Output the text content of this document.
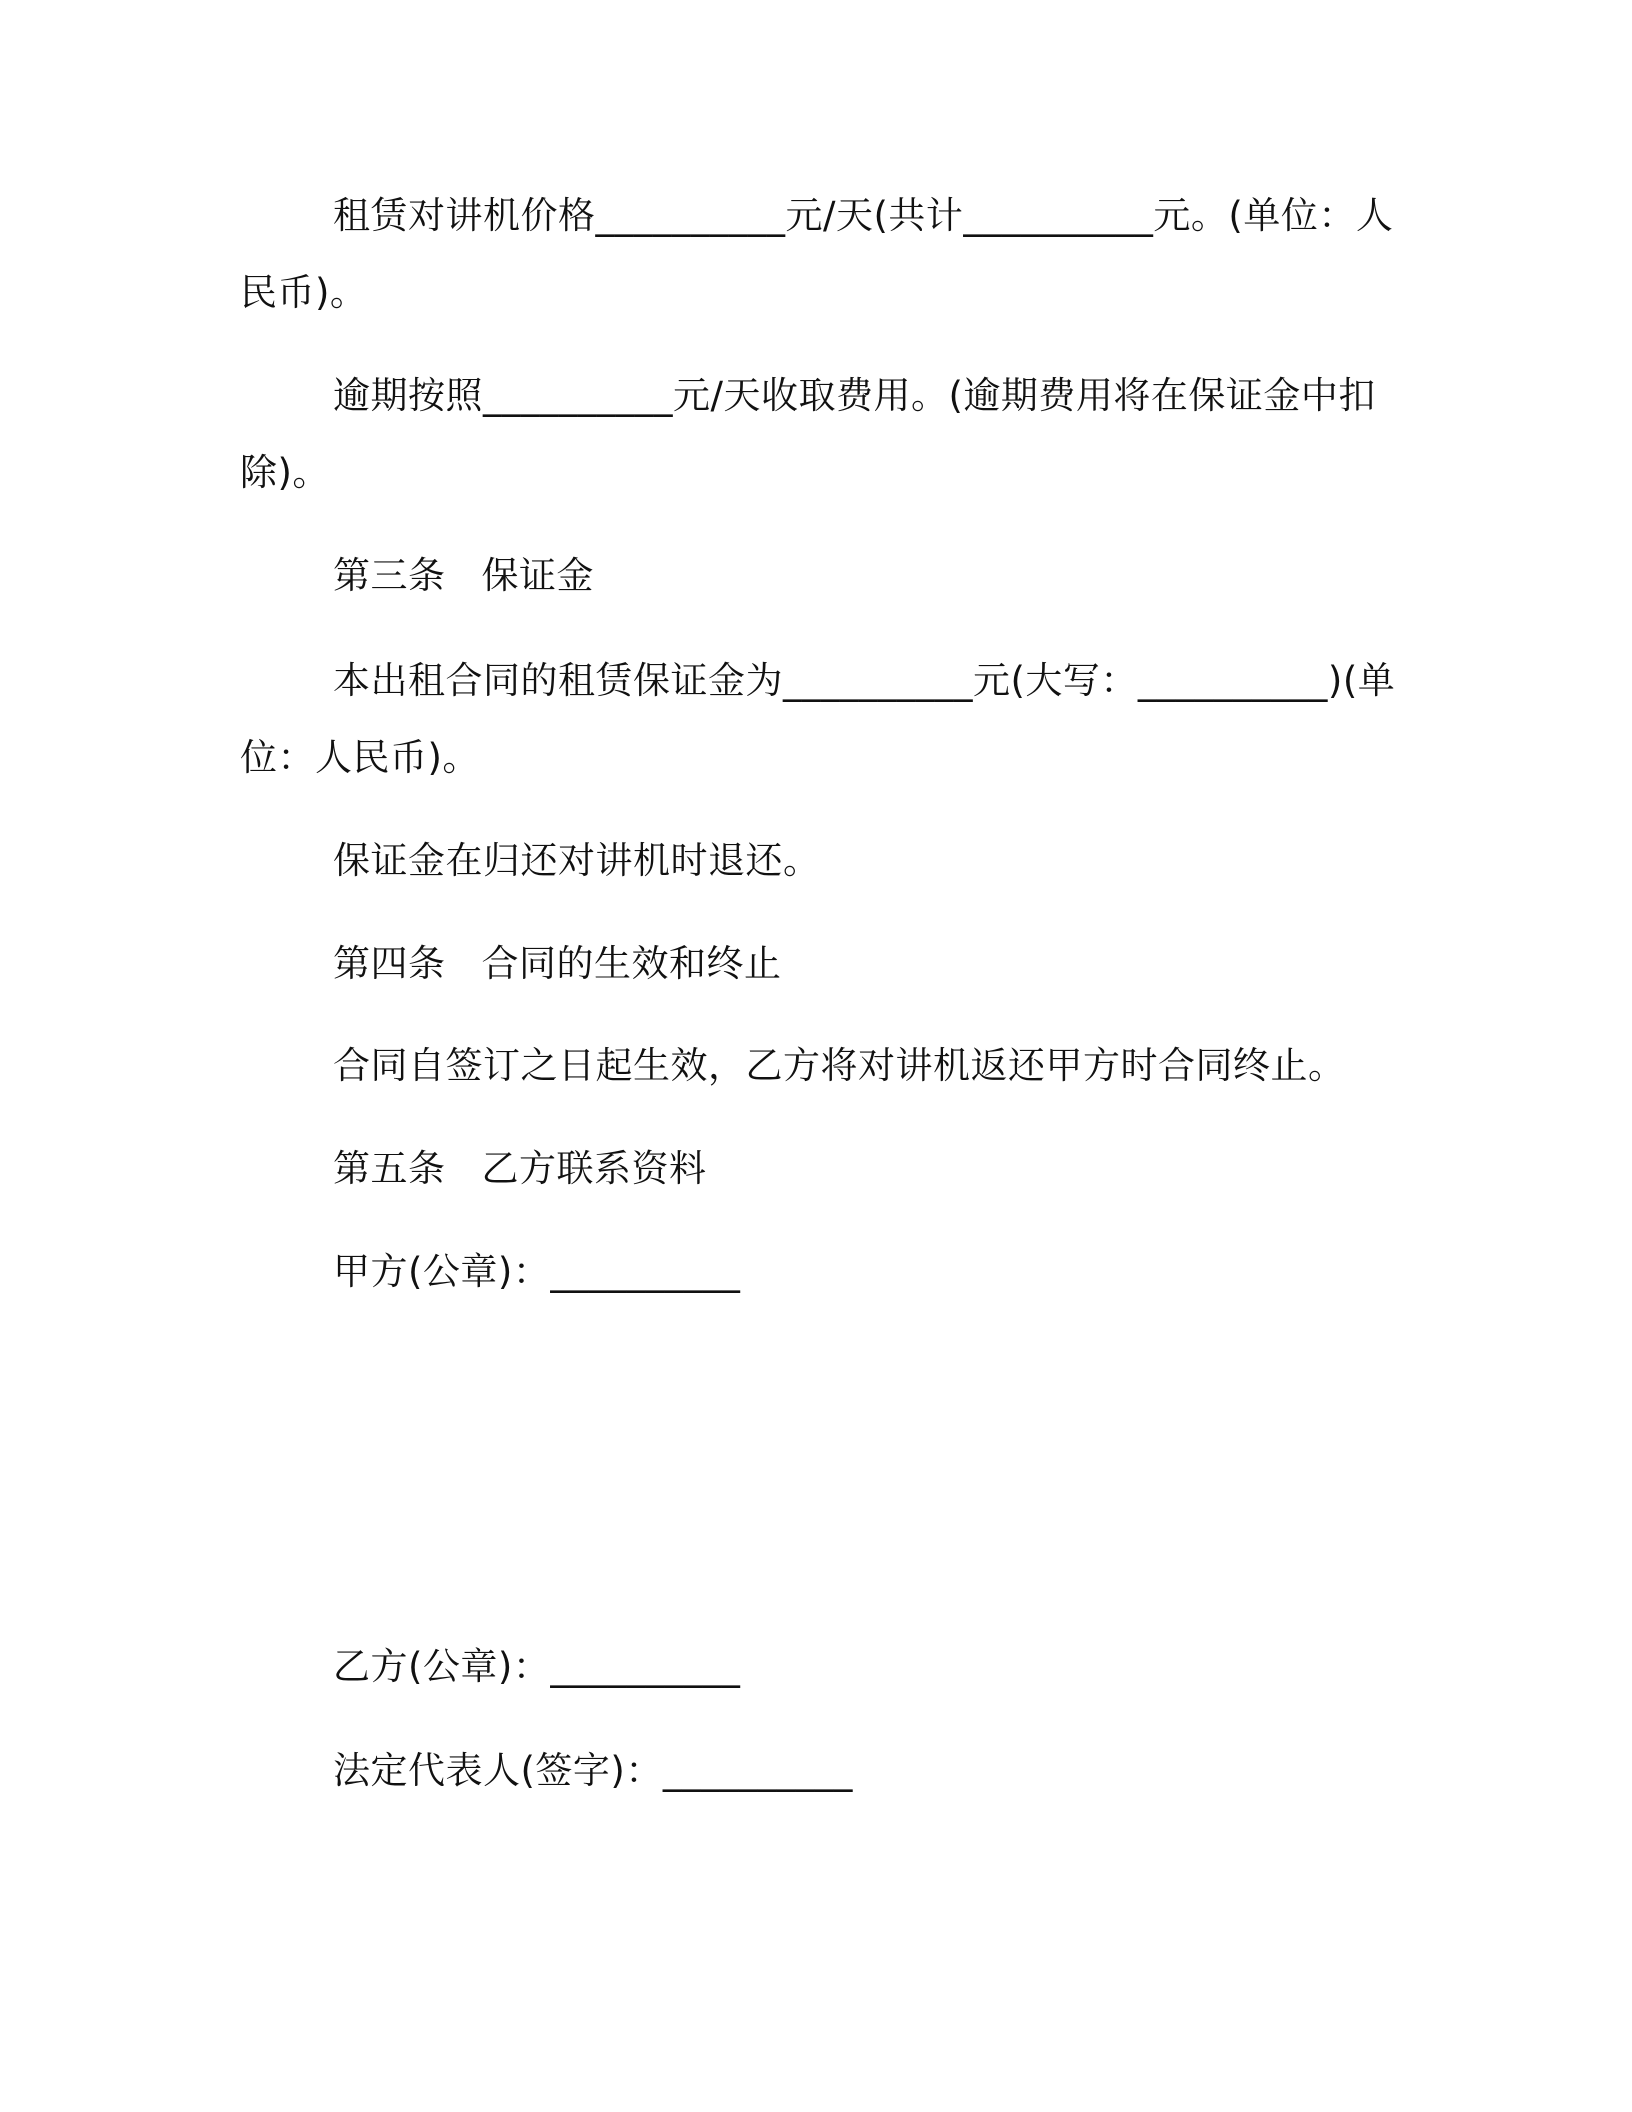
租赁对讲机价格__________元/天(共计__________元。(单位：人
民币)。
逾期按照__________元/天收取费用。(逾期费用将在保证金中扣
除)。
第三条 保证金
本出租合同的租赁保证金为__________元(大写：__________)(单
位：人民币)。
保证金在归还对讲机时退还。
第四条 合同的生效和终止
合同自签订之日起生效，乙方将对讲机返还甲方时合同终止。
第五条 乙方联系资料
甲方(公章)：__________
乙方(公章)：__________
法定代表人(签字)：__________
